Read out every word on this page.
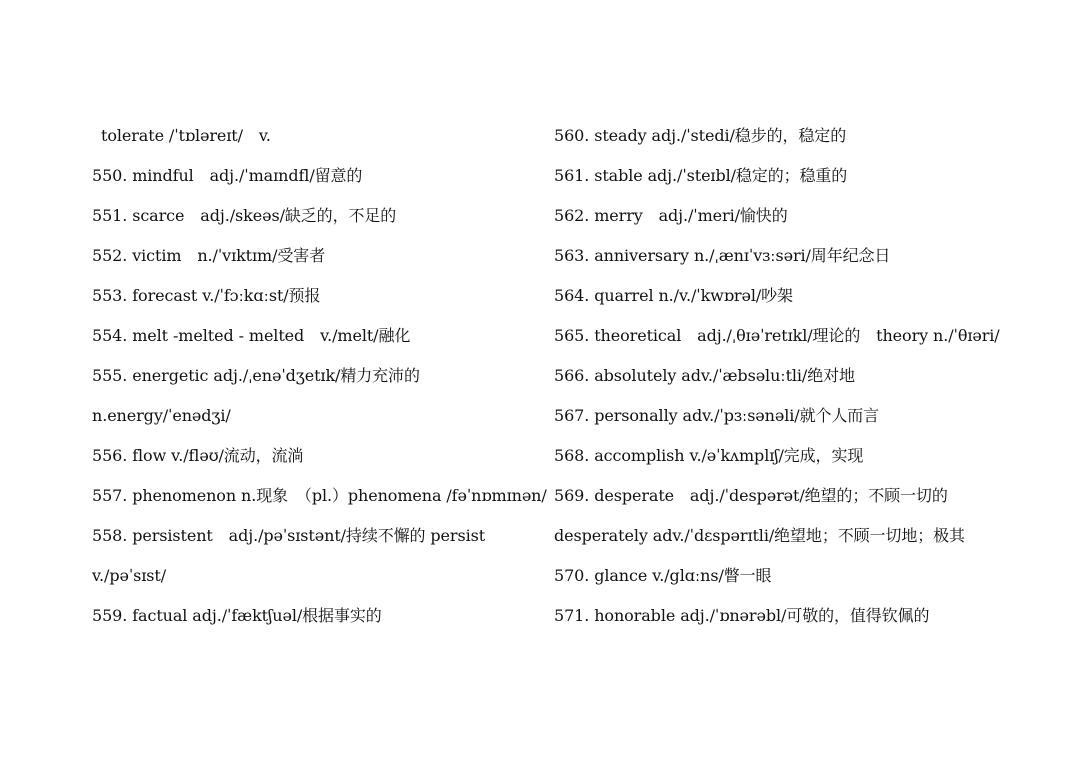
tolerate /ˈtɒləreɪt/　v.
550. mindful　adj./ˈmaɪndfl/留意的
551. scarce　adj./skeəs/缺乏的，不足的
552. victim　n./ˈvɪktɪm/受害者
553. forecast v./ˈfɔːkɑːst/预报
554. melt -melted - melted　v./melt/融化
555. energetic adj./ˌenəˈdʒetɪk/精力充沛的
n.energy/ˈenədʒi/
556. flow v./fləʊ/流动，流淌
557. phenomenon n.现象　（pl.）phenomena /fəˈnɒmɪnən/
558. persistent　adj./pəˈsɪstənt/持续不懈的 persist
v./pəˈsɪst/
559. factual adj./ˈfæktʃuəl/根据事实的
560. steady adj./ˈstedi/稳步的，稳定的
561. stable adj./ˈsteɪbl/稳定的；稳重的
562. merry　adj./ˈmeri/愉快的
563. anniversary n./ˌænɪˈvɜːsəri/周年纪念日
564. quarrel n./v./ˈkwɒrəl/吵架
565. theoretical　adj./ˌθɪəˈretɪkl/理论的　theory n./ˈθɪəri/
566. absolutely adv./ˈæbsəluːtli/绝对地
567. personally adv./ˈpɜːsənəli/就个人而言
568. accomplish v./əˈkʌmplɪʃ/完成，实现
569. desperate　adj./ˈdespərət/绝望的；不顾一切的
desperately adv./ˈdɛspərɪtli/绝望地；不顾一切地；极其
570. glance v./glɑːns/瞥一眼
571. honorable adj./ˈɒnərəbl/可敬的，值得钦佩的
